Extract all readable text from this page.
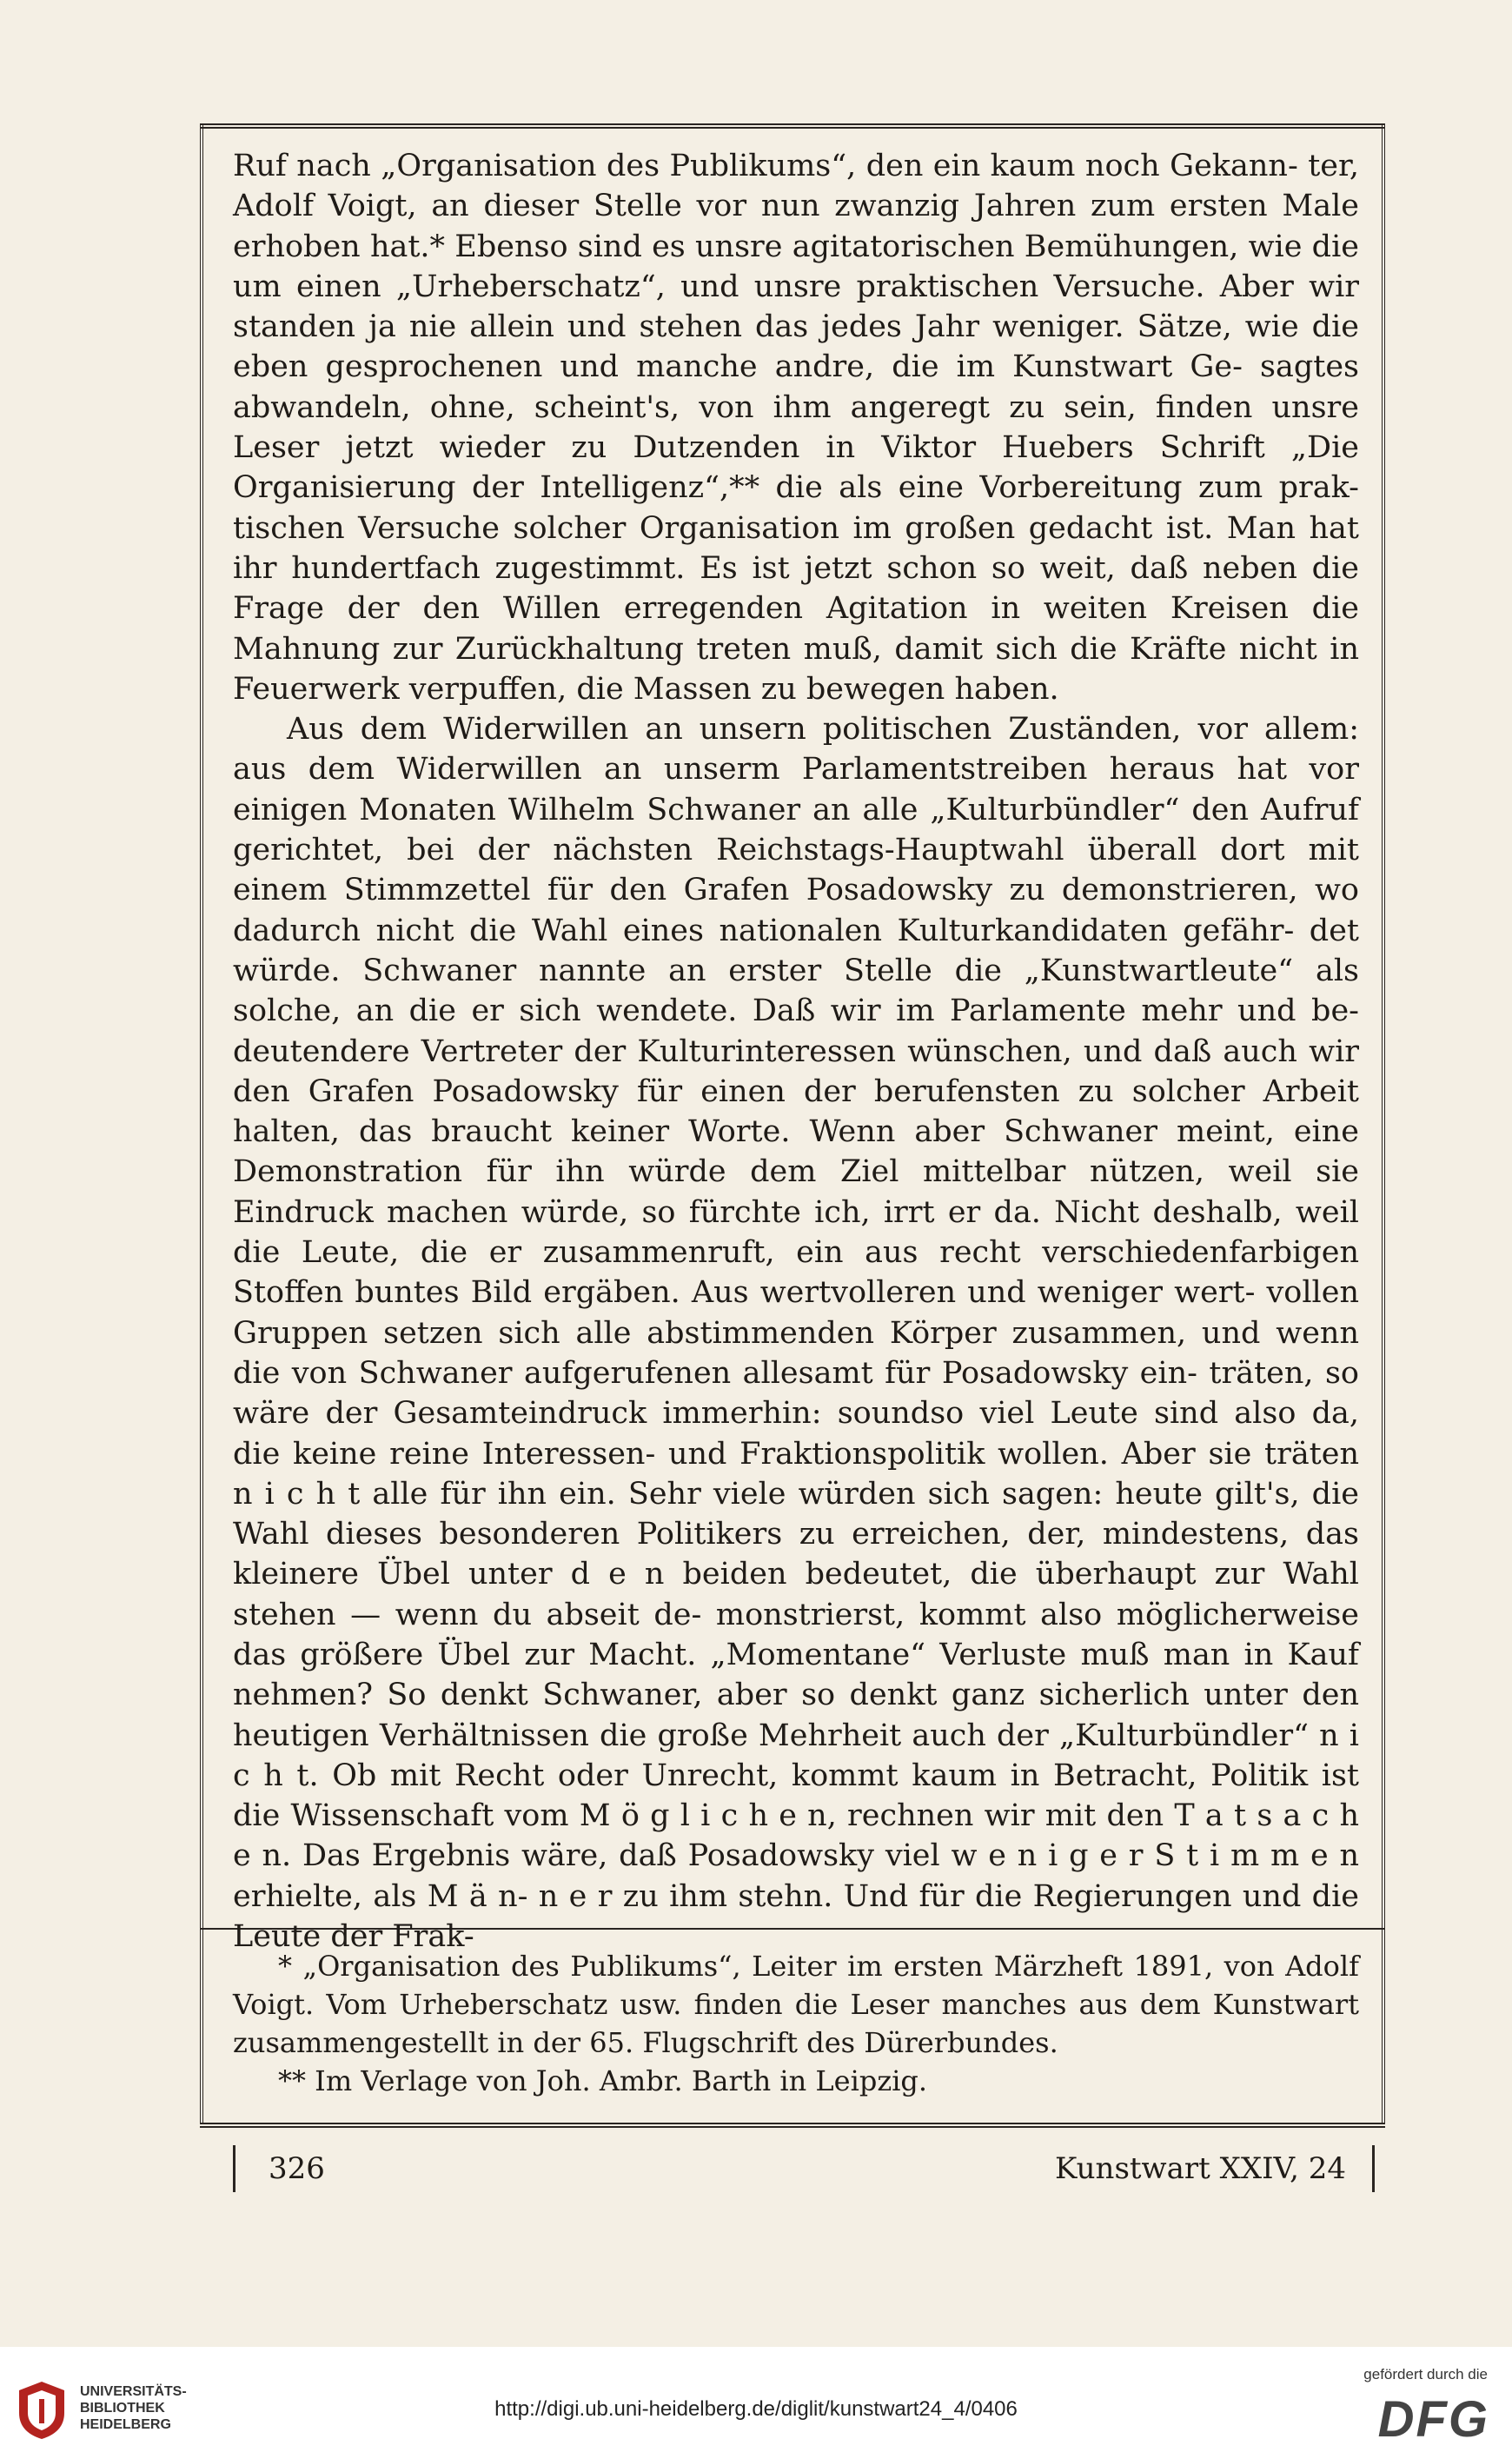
Ruf nach „Organisation des Publikums“, den ein kaum noch Gekann- ter, Adolf Voigt, an dieser Stelle vor nun zwanzig Jahren zum ersten Male erhoben hat.* Ebenso sind es unsre agitatorischen Bemühungen, wie die um einen „Urheberschatz“, und unsre praktischen Versuche. Aber wir standen ja nie allein und stehen das jedes Jahr weniger. Sätze, wie die eben gesprochenen und manche andre, die im Kunstwart Ge- sagtes abwandeln, ohne, scheint's, von ihm angeregt zu sein, finden unsre Leser jetzt wieder zu Dutzenden in Viktor Huebers Schrift „Die Organisierung der Intelligenz“,** die als eine Vorbereitung zum prak- tischen Versuche solcher Organisation im großen gedacht ist. Man hat ihr hundertfach zugestimmt. Es ist jetzt schon so weit, daß neben die Frage der den Willen erregenden Agitation in weiten Kreisen die Mahnung zur Zurückhaltung treten muß, damit sich die Kräfte nicht in Feuerwerk verpuffen, die Massen zu bewegen haben.

Aus dem Widerwillen an unsern politischen Zuständen, vor allem: aus dem Widerwillen an unserm Parlamentstreiben heraus hat vor einigen Monaten Wilhelm Schwaner an alle „Kulturbündler“ den Aufruf gerichtet, bei der nächsten Reichstags-Hauptwahl überall dort mit einem Stimmzettel für den Grafen Posadowsky zu demonstrieren, wo dadurch nicht die Wahl eines nationalen Kulturkandidaten gefähr- det würde. Schwaner nannte an erster Stelle die „Kunstwartleute“ als solche, an die er sich wendete. Daß wir im Parlamente mehr und be- deutendere Vertreter der Kulturinteressen wünschen, und daß auch wir den Grafen Posadowsky für einen der berufensten zu solcher Arbeit halten, das braucht keiner Worte. Wenn aber Schwaner meint, eine Demonstration für ihn würde dem Ziel mittelbar nützen, weil sie Eindruck machen würde, so fürchte ich, irrt er da. Nicht deshalb, weil die Leute, die er zusammenruft, ein aus recht verschiedenfarbigen Stoffen buntes Bild ergäben. Aus wertvolleren und weniger wert- vollen Gruppen setzen sich alle abstimmenden Körper zusammen, und wenn die von Schwaner aufgerufenen allesamt für Posadowsky ein- träten, so wäre der Gesamteindruck immerhin: soundso viel Leute sind also da, die keine reine Interessen- und Fraktionspolitik wollen. Aber sie träten n i c h t alle für ihn ein. Sehr viele würden sich sagen: heute gilt's, die Wahl dieses besonderen Politikers zu erreichen, der, mindestens, das kleinere Übel unter d e n beiden bedeutet, die überhaupt zur Wahl stehen — wenn du abseit de- monstrierst, kommt also möglicherweise das größere Übel zur Macht. „Momentane“ Verluste muß man in Kauf nehmen? So denkt Schwaner, aber so denkt ganz sicherlich unter den heutigen Verhältnissen die große Mehrheit auch der „Kulturbündler“ n i c h t. Ob mit Recht oder Unrecht, kommt kaum in Betracht, Politik ist die Wissenschaft vom M ö g l i c h e n, rechnen wir mit den T a t s a c h e n. Das Ergebnis wäre, daß Posadowsky viel w e n i g e r S t i m m e n erhielte, als M ä n- n e r zu ihm stehn. Und für die Regierungen und die Leute der Frak-

* „Organisation des Publikums“, Leiter im ersten Märzheft 1891, von Adolf Voigt. Vom Urheberschatz usw. finden die Leser manches aus dem Kunstwart zusammengestellt in der 65. Flugschrift des Dürerbundes.

** Im Verlage von Joh. Ambr. Barth in Leipzig.

326	Kunstwart XXIV, 24
UNIVERSITÄTS-
BIBLIOTHEK
HEIDELBERG
http://digi.ub.uni-heidelberg.de/diglit/kunstwart24_4/0406
gefördert durch die
DFG
